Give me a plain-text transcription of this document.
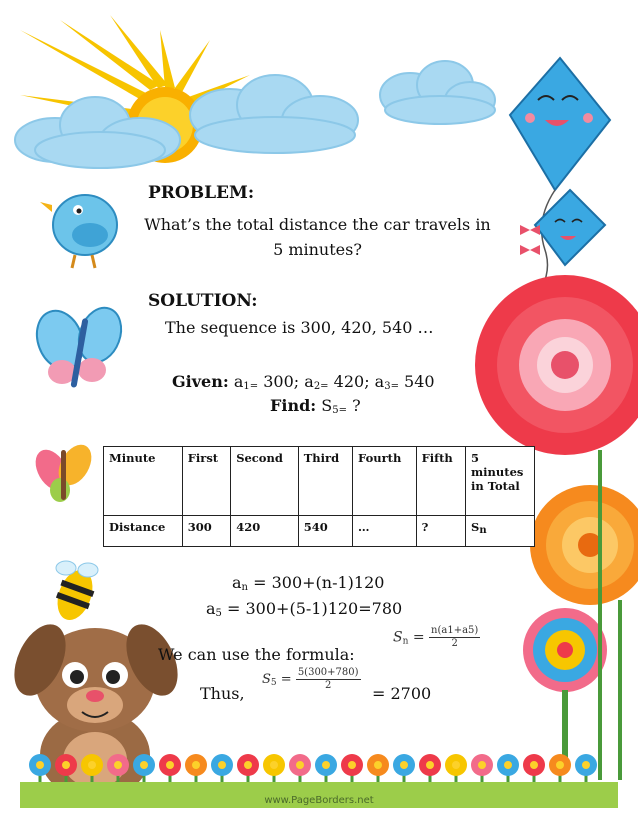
PROBLEM:
What’s the total distance the car travels in
5 minutes?
SOLUTION:
The sequence is 300, 420, 540 …
Given: $a_{1=}$ 300; $a_{2=}$ 420; $a_{3=}$ 540
Find: $S_{5=}$ ?
Minute	First	Second	Third	Fourth	Fifth	5 minutes in Total
Distance	300	420	540	…	?	$S_n$
$a_n = 300+(n-1)120$
$a_5 = 300+(5-1)120=780$
We can use the formula:
$S_n = \frac{n(a1+a5)}{2}$
Thus,
$S_5 = \frac{5(300+780)}{2}$
= 2700
www.PageBorders.net
